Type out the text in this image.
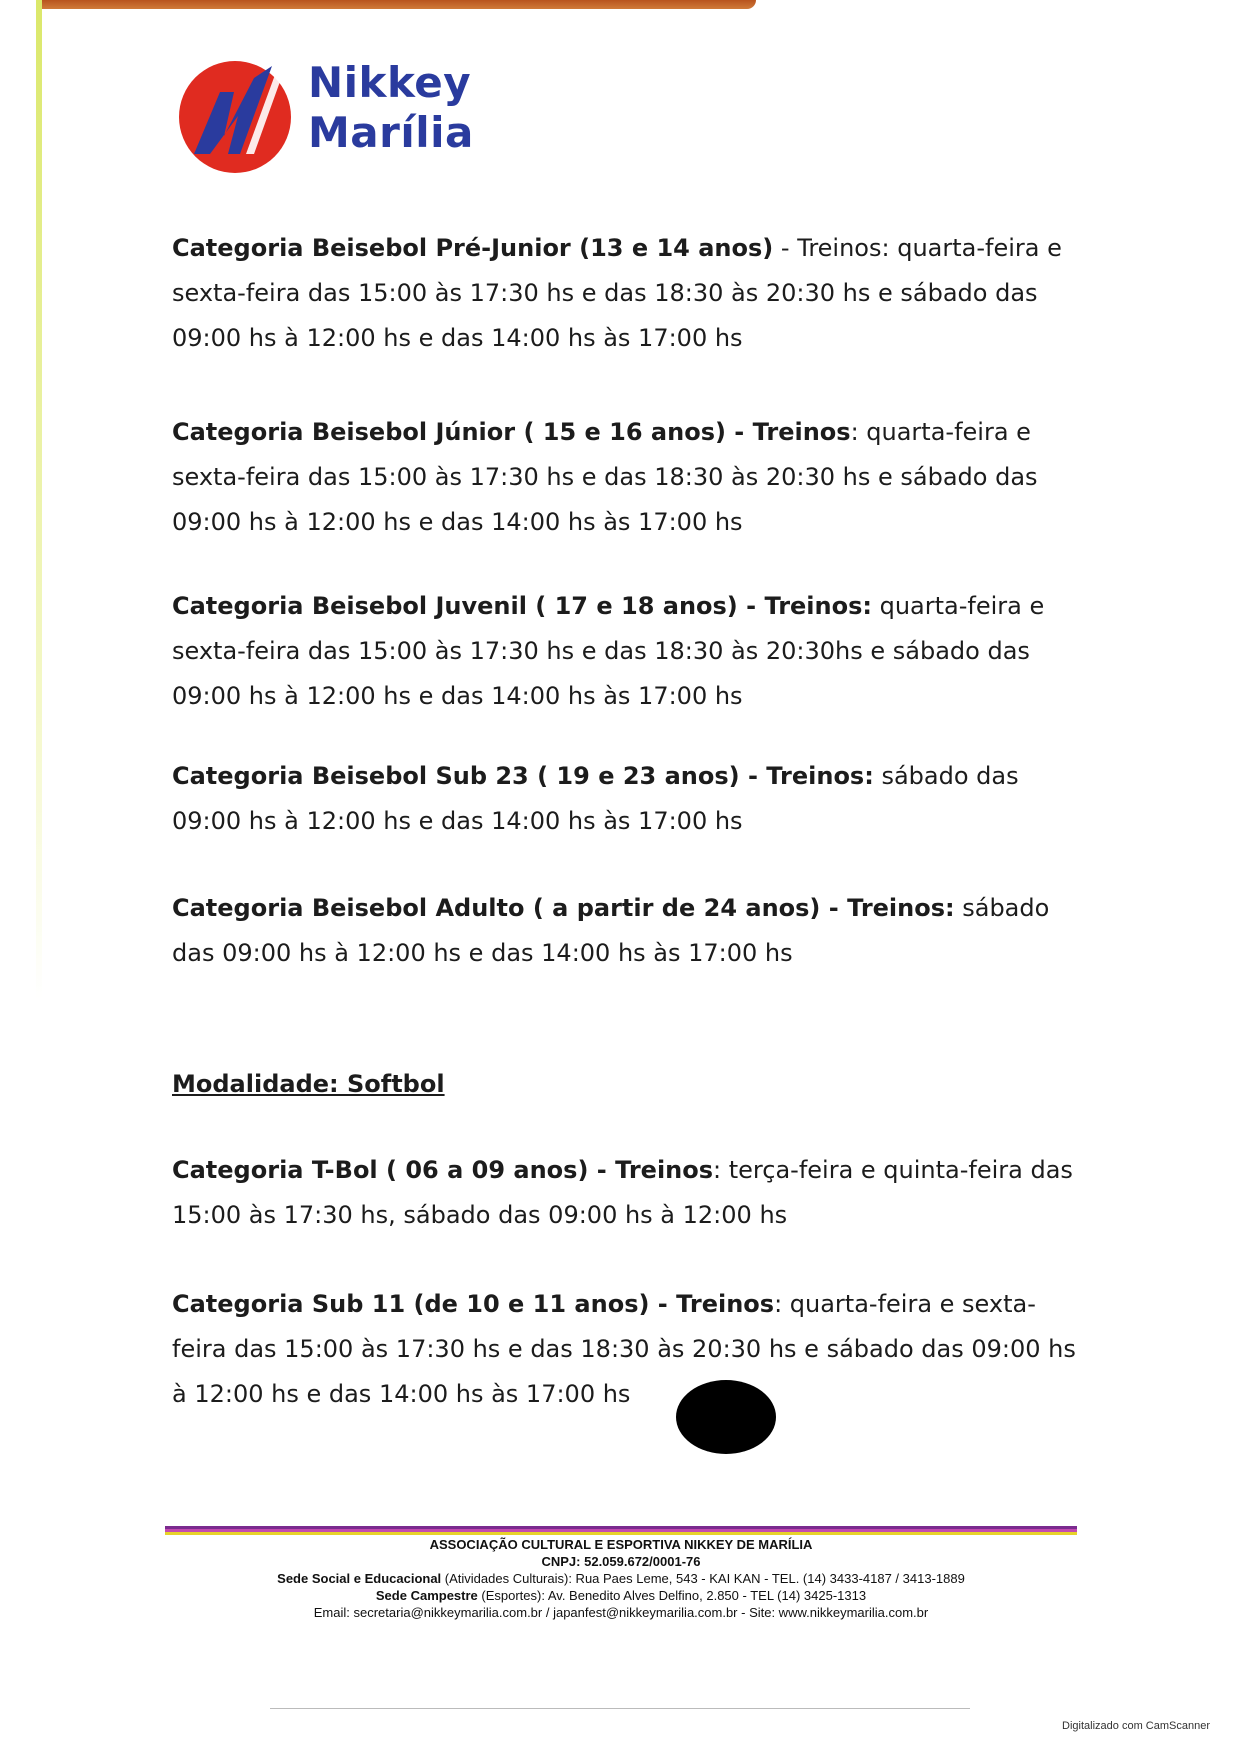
Nikkey
Marília

Categoria Beisebol Pré-Junior (13 e 14 anos) - Treinos: quarta-feira e sexta-feira das 15:00 às 17:30 hs e das 18:30 às 20:30 hs e sábado das 09:00 hs à 12:00 hs e das 14:00 hs às 17:00 hs

Categoria Beisebol Júnior ( 15 e 16 anos) - Treinos: quarta-feira e sexta-feira das 15:00 às 17:30 hs e das 18:30 às 20:30 hs e sábado das 09:00 hs à 12:00 hs e das 14:00 hs às 17:00 hs

Categoria Beisebol Juvenil ( 17 e 18 anos) - Treinos: quarta-feira e sexta-feira das 15:00 às 17:30 hs e das 18:30 às 20:30hs e sábado das 09:00 hs à 12:00 hs e das 14:00 hs às 17:00 hs

Categoria Beisebol Sub 23 ( 19 e 23 anos) - Treinos: sábado das 09:00 hs à 12:00 hs e das 14:00 hs às 17:00 hs

Categoria Beisebol Adulto ( a partir de 24 anos) - Treinos: sábado das 09:00 hs à 12:00 hs e das 14:00 hs às 17:00 hs

Modalidade: Softbol

Categoria T-Bol ( 06 a 09 anos) - Treinos: terça-feira e quinta-feira das 15:00 às 17:30 hs, sábado das 09:00 hs à 12:00 hs

Categoria Sub 11 (de 10 e 11 anos) - Treinos: quarta-feira e sexta-feira das 15:00 às 17:30 hs e das 18:30 às 20:30 hs e sábado das 09:00 hs à 12:00 hs e das 14:00 hs às 17:00 hs

ASSOCIAÇÃO CULTURAL E ESPORTIVA NIKKEY DE MARÍLIA
CNPJ: 52.059.672/0001-76
Sede Social e Educacional (Atividades Culturais): Rua Paes Leme, 543 - KAI KAN - TEL. (14) 3433-4187 / 3413-1889
Sede Campestre (Esportes): Av. Benedito Alves Delfino, 2.850 - TEL (14) 3425-1313
Email: secretaria@nikkeymarilia.com.br / japanfest@nikkeymarilia.com.br - Site: www.nikkeymarilia.com.br
Digitalizado com CamScanner
